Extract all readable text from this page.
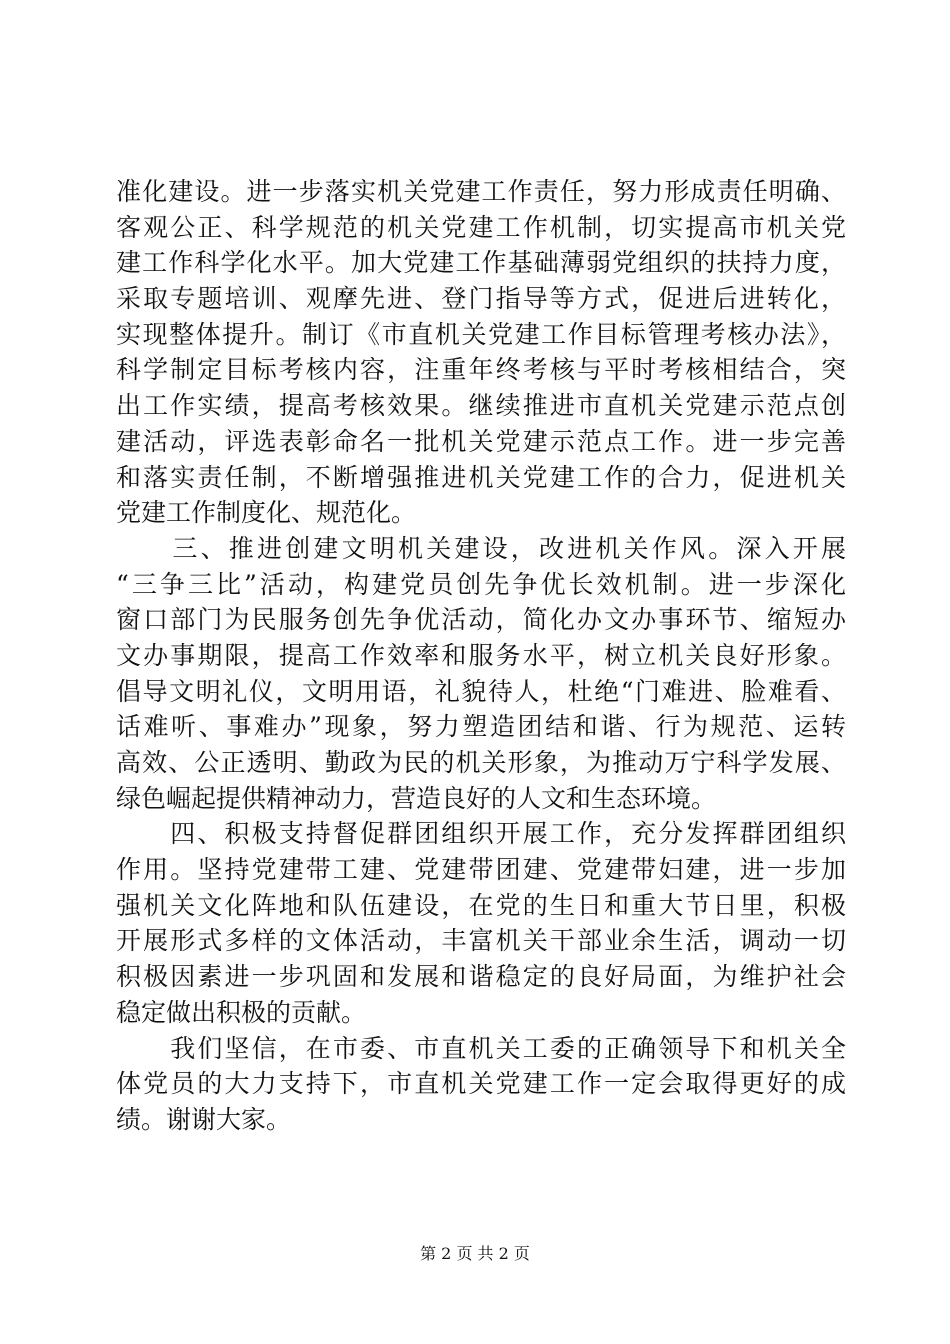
准化建设。进一步落实机关党建工作责任，努力形成责任明确、
客观公正、科学规范的机关党建工作机制，切实提高市机关党
建工作科学化水平。加大党建工作基础薄弱党组织的扶持力度，
采取专题培训、观摩先进、登门指导等方式，促进后进转化，
实现整体提升。制订《市直机关党建工作目标管理考核办法》，
科学制定目标考核内容，注重年终考核与平时考核相结合，突
出工作实绩，提高考核效果。继续推进市直机关党建示范点创
建活动，评选表彰命名一批机关党建示范点工作。进一步完善
和落实责任制，不断增强推进机关党建工作的合力，促进机关
党建工作制度化、规范化。
　　三、推进创建文明机关建设，改进机关作风。深入开展
“三争三比”活动，构建党员创先争优长效机制。进一步深化
窗口部门为民服务创先争优活动，简化办文办事环节、缩短办
文办事期限，提高工作效率和服务水平，树立机关良好形象。
倡导文明礼仪，文明用语，礼貌待人，杜绝“门难进、脸难看、
话难听、事难办”现象，努力塑造团结和谐、行为规范、运转
高效、公正透明、勤政为民的机关形象，为推动万宁科学发展、
绿色崛起提供精神动力，营造良好的人文和生态环境。
　　四、积极支持督促群团组织开展工作，充分发挥群团组织
作用。坚持党建带工建、党建带团建、党建带妇建，进一步加
强机关文化阵地和队伍建设，在党的生日和重大节日里，积极
开展形式多样的文体活动，丰富机关干部业余生活，调动一切
积极因素进一步巩固和发展和谐稳定的良好局面，为维护社会
稳定做出积极的贡献。
　　我们坚信，在市委、市直机关工委的正确领导下和机关全
体党员的大力支持下，市直机关党建工作一定会取得更好的成
绩。谢谢大家。
第 2 页 共 2 页
